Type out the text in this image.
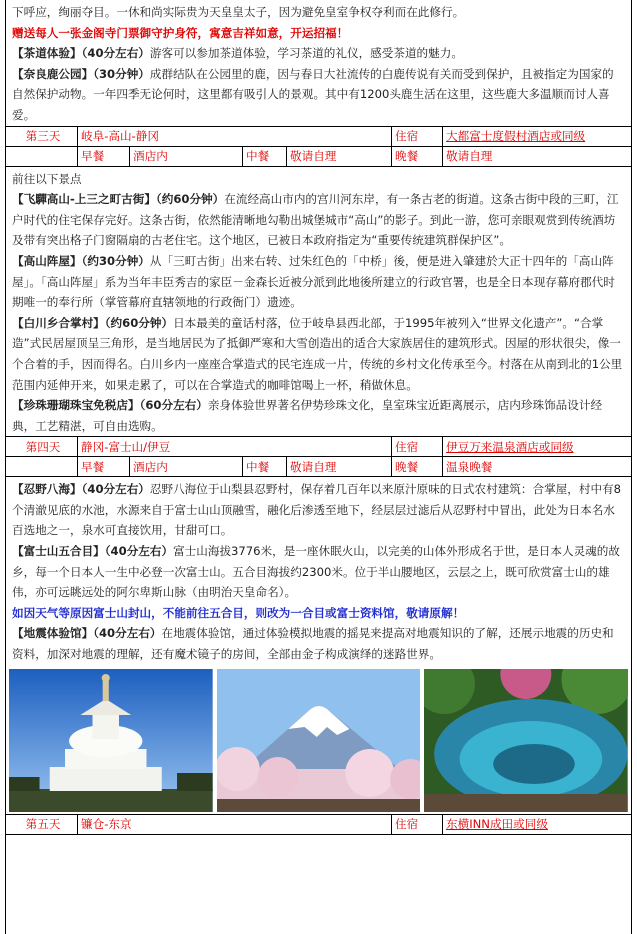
下呼应，绚丽夺目。一休和尚实际贵为天皇皇太子，因为避免皇室争权夺利而在此修行。

赠送每人一张金阁寺门票御守护身符，寓意吉祥如意，开运招福！

【茶道体验】（40分左右）游客可以参加茶道体验，学习茶道的礼仪，感受茶道的魅力。

【奈良鹿公园】（30分钟）成群结队在公园里的鹿，因与春日大社流传的白鹿传说有关而受到保护，且被指定为国家的自然保护动物。一年四季无论何时，这里都有吸引人的景观。其中有1200头鹿生活在这里，这些鹿大多温顺而讨人喜爱。

第三天	岐阜-高山-静冈	住宿	大都富士度假村酒店或同级
早餐	酒店内	中餐	敬请自理	晚餐	敬请自理

前往以下景点

【飞驒高山-上三之町古街】（约60分钟）在流经高山市内的宫川河东岸，有一条古老的街道。这条古街中段的三町，江户时代的住宅保存完好。这条古街，依然能清晰地勾勒出城堡城市“高山”的影子。到此一游，您可亲眼观赏到传统酒坊及带有突出格子门窗隔扇的古老住宅。这个地区，已被日本政府指定为“重要传统建筑群保护区”。

【高山阵屋】（约30分钟）从「三町古街」出来右转、过朱红色的「中桥」後，便是进入肇建於大正十四年的「高山阵屋」。「高山阵屋」系为当年丰臣秀吉的家臣－金森长近被分派到此地後所建立的行政官署，也是全日本现存幕府郡代时期唯一的奉行所（掌管幕府直辖领地的行政衙门）遗迹。

【白川乡合掌村】（约60分钟）日本最美的童话村落，位于岐阜县西北部，于1995年被列入“世界文化遗产”。“合掌造”式民居屋顶呈三角形，是当地居民为了抵御严寒和大雪创造出的适合大家族居住的建筑形式。因屋的形状很尖，像一个合着的手，因而得名。白川乡内一座座合掌造式的民宅连成一片，传统的乡村文化传承至今。村落在从南到北的1公里范围内延伸开来，如果走累了，可以在合掌造式的咖啡馆喝上一杯，稍做休息。

【珍珠珊瑚珠宝免税店】（60分左右）亲身体验世界著名伊势珍珠文化，皇室珠宝近距离展示，店内珍珠饰品设计经典，工艺精湛，可自由选购。

第四天	静冈-富士山/伊豆	住宿	伊豆万来温泉酒店或同级
早餐	酒店内	中餐	敬请自理	晚餐	温泉晚餐

【忍野八海】（40分左右）忍野八海位于山梨县忍野村，保存着几百年以来原汁原味的日式农村建筑：合掌屋，村中有8个清澈见底的水池，水源来自于富士山山顶融雪，融化后渗透至地下，经层层过滤后从忍野村中冒出，此处为日本名水百选地之一，泉水可直接饮用，甘甜可口。

【富士山五合目】（40分左右）富士山海拔3776米，是一座休眠火山，以完美的山体外形成名于世，是日本人灵魂的故乡，每一个日本人一生中必登一次富士山。五合目海拔约2300米。位于半山腰地区，云层之上，既可欣赏富士山的雄伟，亦可远眺远处的阿尔卑斯山脉（由明治天皇命名）。

如因天气等原因富士山封山，不能前往五合目，则改为一合目或富士资料馆，敬请原解！

【地震体验馆】（40分左右）在地震体验馆，通过体验模拟地震的摇晃来提高对地震知识的了解，还展示地震的历史和资料，加深对地震的理解，还有魔术镜子的房间，全部由金子构成演绎的迷路世界。

第五天	镰仓-东京	住宿	东横INN成田或同级
